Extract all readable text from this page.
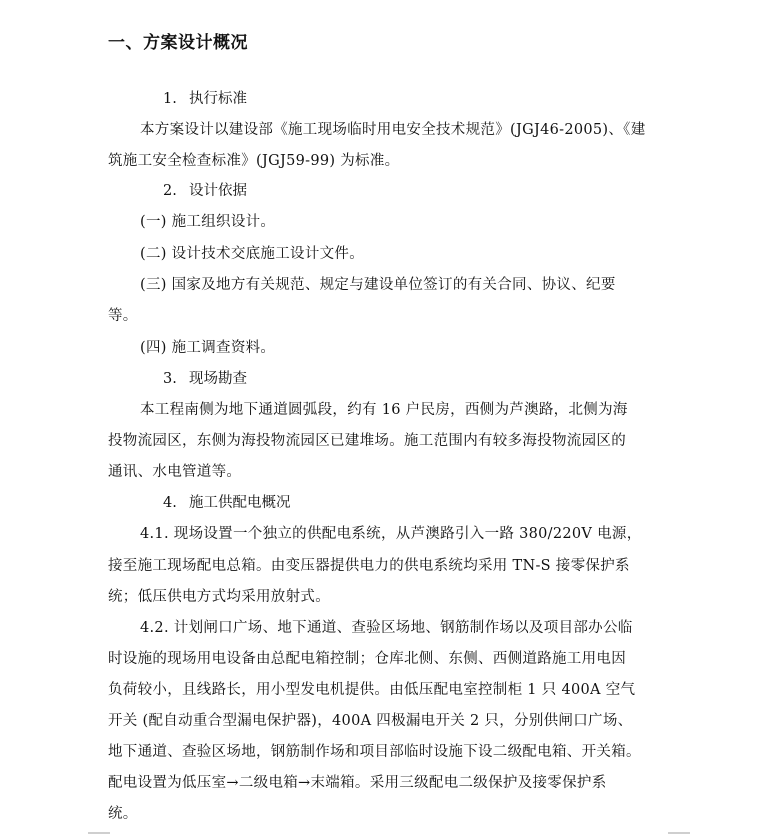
一、方案设计概况
1. 执行标准
本方案设计以建设部《施工现场临时用电安全技术规范》(JGJ46-2005)、《建
筑施工安全检查标准》(JGJ59-99) 为标准。
2. 设计依据
(一) 施工组织设计。
(二) 设计技术交底施工设计文件。
(三) 国家及地方有关规范、规定与建设单位签订的有关合同、协议、纪要
等。
(四) 施工调查资料。
3. 现场勘查
本工程南侧为地下通道圆弧段，约有 16 户民房，西侧为芦澳路，北侧为海
投物流园区，东侧为海投物流园区已建堆场。施工范围内有较多海投物流园区的
通讯、水电管道等。
4. 施工供配电概况
4.1. 现场设置一个独立的供配电系统，从芦澳路引入一路 380/220V 电源，
接至施工现场配电总箱。由变压器提供电力的供电系统均采用 TN-S 接零保护系
统；低压供电方式均采用放射式。
4.2. 计划闸口广场、地下通道、查验区场地、钢筋制作场以及项目部办公临
时设施的现场用电设备由总配电箱控制；仓库北侧、东侧、西侧道路施工用电因
负荷较小，且线路长，用小型发电机提供。由低压配电室控制柜 1 只 400A 空气
开关 (配自动重合型漏电保护器)，400A 四极漏电开关 2 只，分别供闸口广场、
地下通道、查验区场地，钢筋制作场和项目部临时设施下设二级配电箱、开关箱。
配电设置为低压室→二级电箱→末端箱。采用三级配电二级保护及接零保护系
统。
